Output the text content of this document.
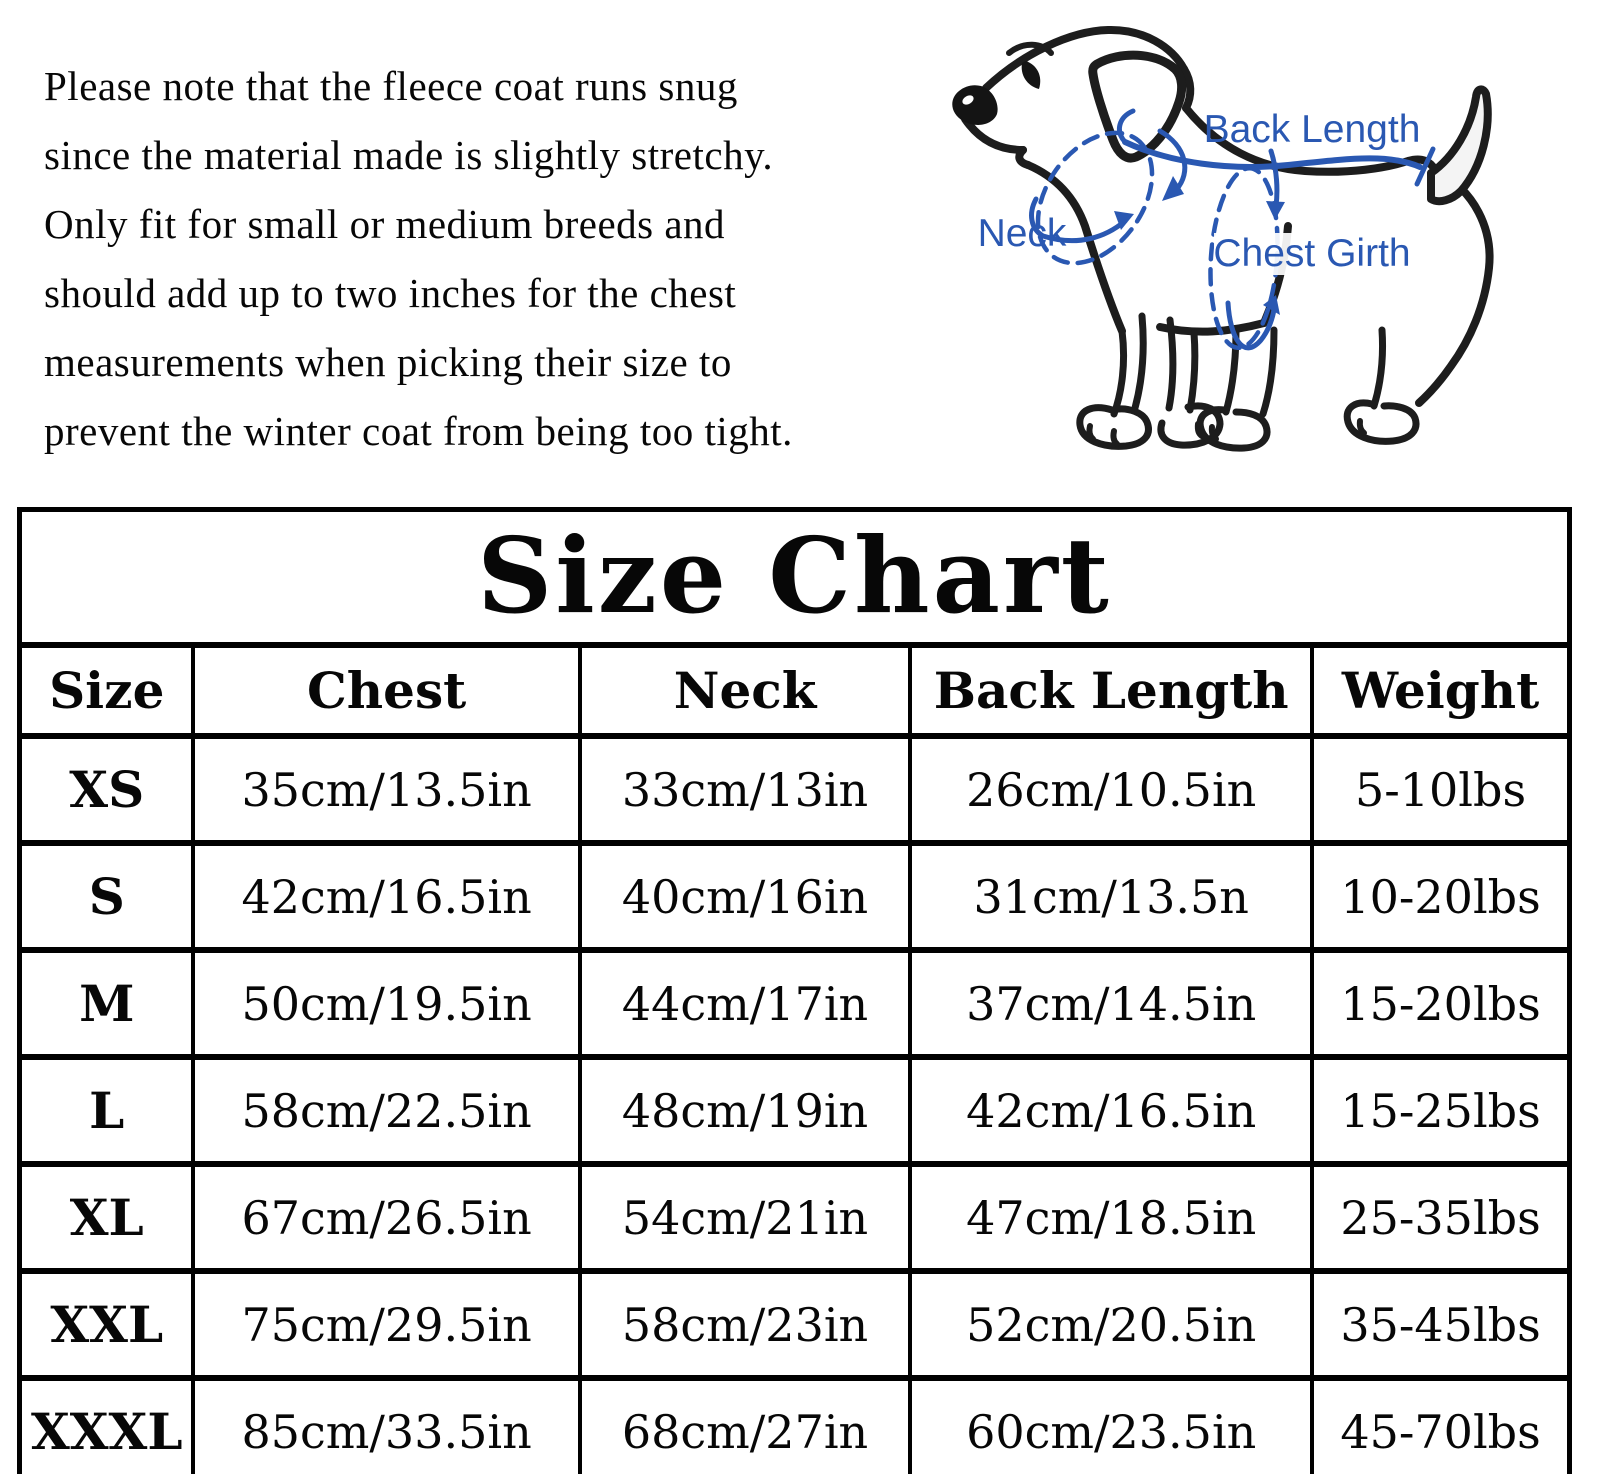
Please note that the fleece coat runs snug
since the material made is slightly stretchy.
Only fit for small or medium breeds and
should add up to two inches for the chest
measurements when picking their size to
prevent the winter coat from being too tight.
Back Length
Neck	Chest Girth
Size Chart
Size	Chest	Neck	Back Length	Weight
XS	35cm/13.5in	33cm/13in	26cm/10.5in	5-10lbs
S	42cm/16.5in	40cm/16in	31cm/13.5n	10-20lbs
M	50cm/19.5in	44cm/17in	37cm/14.5in	15-20lbs
L	58cm/22.5in	48cm/19in	42cm/16.5in	15-25lbs
XL	67cm/26.5in	54cm/21in	47cm/18.5in	25-35lbs
XXL	75cm/29.5in	58cm/23in	52cm/20.5in	35-45lbs
XXXL	85cm/33.5in	68cm/27in	60cm/23.5in	45-70lbs
